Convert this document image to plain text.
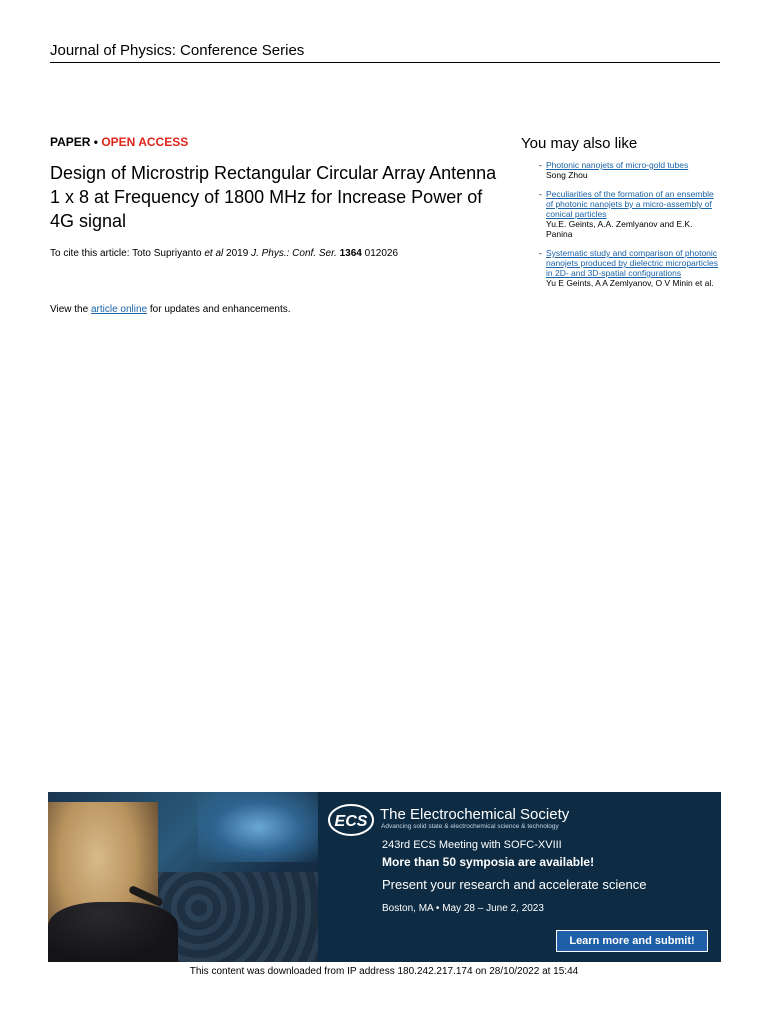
Journal of Physics: Conference Series
PAPER • OPEN ACCESS
Design of Microstrip Rectangular Circular Array Antenna 1 x 8 at Frequency of 1800 MHz for Increase Power of 4G signal
To cite this article: Toto Supriyanto et al 2019 J. Phys.: Conf. Ser. 1364 012026
View the article online for updates and enhancements.
You may also like
- Photonic nanojets of micro-gold tubes
Song Zhou
- Peculiarities of the formation of an ensemble of photonic nanojets by a micro-assembly of conical particles
Yu.E. Geints, A.A. Zemlyanov and E.K. Panina
- Systematic study and comparison of photonic nanojets produced by dielectric microparticles in 2D- and 3D-spatial configurations
Yu E Geints, A A Zemlyanov, O V Minin et al.
ECS The Electrochemical Society
Advancing solid state & electrochemical science & technology
243rd ECS Meeting with SOFC-XVIII
More than 50 symposia are available!
Present your research and accelerate science
Boston, MA • May 28 – June 2, 2023
Learn more and submit!
This content was downloaded from IP address 180.242.217.174 on 28/10/2022 at 15:44
